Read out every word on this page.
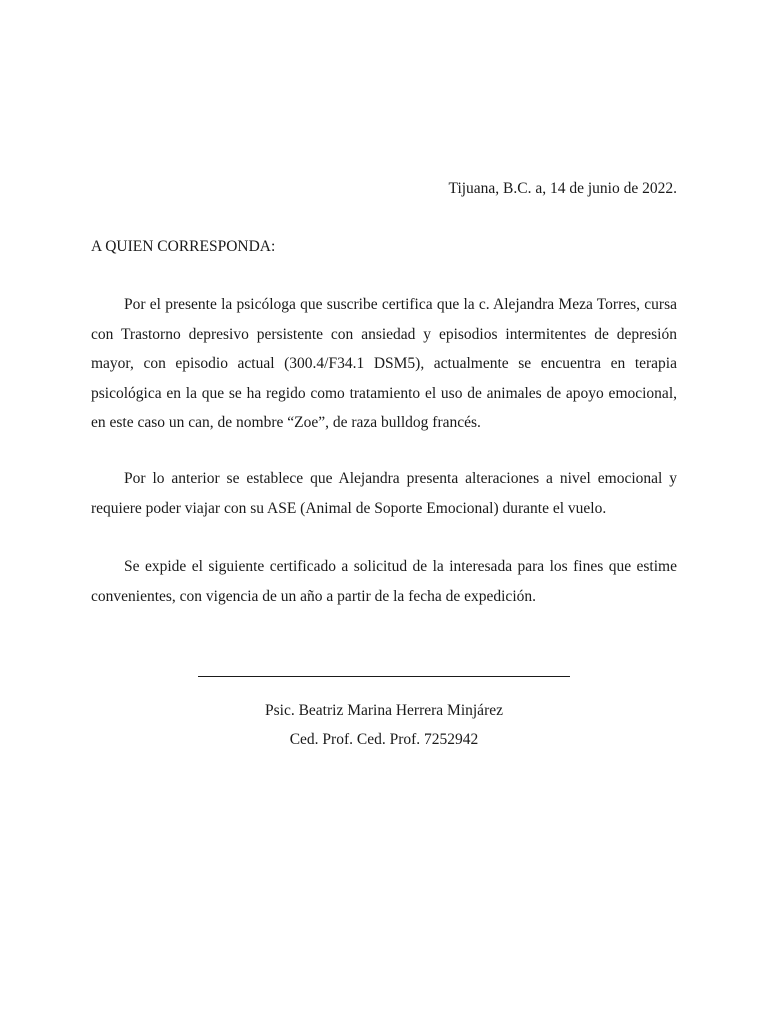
Tijuana, B.C. a, 14 de junio de 2022.
A QUIEN CORRESPONDA:

Por el presente la psicóloga que suscribe certifica que la c. Alejandra Meza Torres, cursa con Trastorno depresivo persistente con ansiedad y episodios intermitentes de depresión mayor, con episodio actual (300.4/F34.1 DSM5), actualmente se encuentra en terapia psicológica en la que se ha regido como tratamiento el uso de animales de apoyo emocional, en este caso un can, de nombre “Zoe”, de raza bulldog francés.

Por lo anterior se establece que Alejandra presenta alteraciones a nivel emocional y requiere poder viajar con su ASE (Animal de Soporte Emocional) durante el vuelo.

Se expide el siguiente certificado a solicitud de la interesada para los fines que estime convenientes, con vigencia de un año a partir de la fecha de expedición.

Psic. Beatriz Marina Herrera Minjárez
Ced. Prof. Ced. Prof. 7252942
